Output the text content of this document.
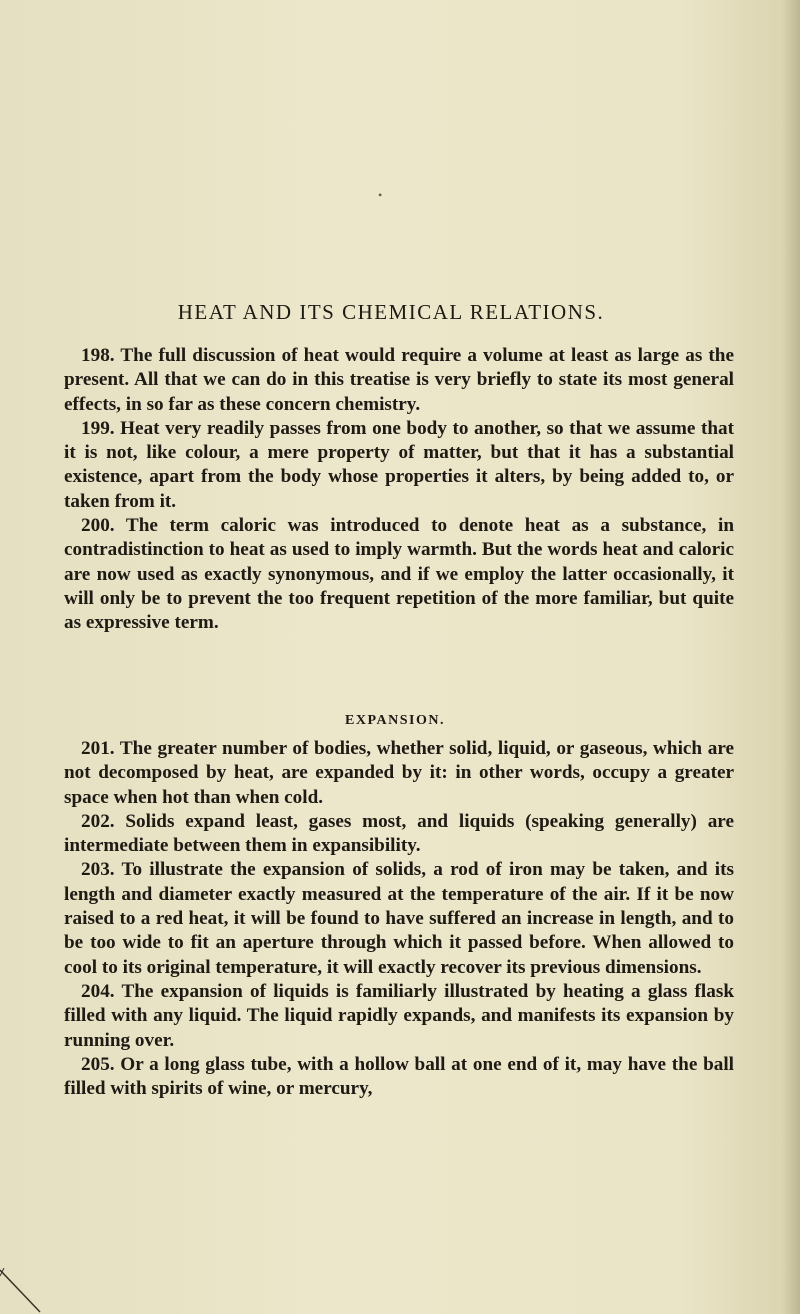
•
HEAT AND ITS CHEMICAL RELATIONS.

198. The full discussion of heat would require a volume at least as large as the present. All that we can do in this treatise is very briefly to state its most general effects, in so far as these concern chemistry.

199. Heat very readily passes from one body to another, so that we assume that it is not, like colour, a mere property of matter, but that it has a substantial existence, apart from the body whose properties it alters, by being added to, or taken from it.

200. The term caloric was introduced to denote heat as a substance, in contradistinction to heat as used to imply warmth. But the words heat and caloric are now used as exactly synonymous, and if we employ the latter occasionally, it will only be to prevent the too frequent repetition of the more familiar, but quite as expressive term.

EXPANSION.

201. The greater number of bodies, whether solid, liquid, or gaseous, which are not decomposed by heat, are expanded by it: in other words, occupy a greater space when hot than when cold.

202. Solids expand least, gases most, and liquids (speaking generally) are intermediate between them in expansibility.

203. To illustrate the expansion of solids, a rod of iron may be taken, and its length and diameter exactly measured at the temperature of the air. If it be now raised to a red heat, it will be found to have suffered an increase in length, and to be too wide to fit an aperture through which it passed before. When allowed to cool to its original temperature, it will exactly recover its previous dimensions.

204. The expansion of liquids is familiarly illustrated by heating a glass flask filled with any liquid. The liquid rapidly expands, and manifests its expansion by running over.

205. Or a long glass tube, with a hollow ball at one end of it, may have the ball filled with spirits of wine, or mercury,
